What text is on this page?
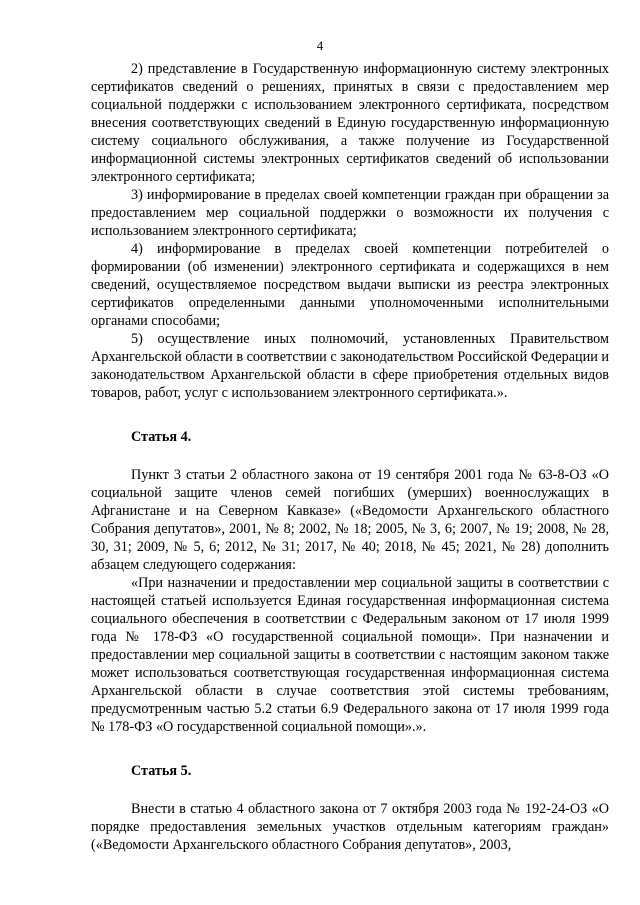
4

2) представление в Государственную информационную систему электронных сертификатов сведений о решениях, принятых в связи с предоставлением мер социальной поддержки с использованием электронного сертификата, посредством внесения соответствующих сведений в Единую государственную информационную систему социального обслуживания, а также получение из Государственной информационной системы электронных сертификатов сведений об использовании электронного сертификата;

3) информирование в пределах своей компетенции граждан при обращении за предоставлением мер социальной поддержки о возможности их получения с использованием электронного сертификата;

4) информирование в пределах своей компетенции потребителей о формировании (об изменении) электронного сертификата и содержащихся в нем сведений, осуществляемое посредством выдачи выписки из реестра электронных сертификатов определенными данными уполномоченными исполнительными органами способами;

5) осуществление иных полномочий, установленных Правительством Архангельской области в соответствии с законодательством Российской Федерации и законодательством Архангельской области в сфере приобретения отдельных видов товаров, работ, услуг с использованием электронного сертификата.».

Статья 4.

Пункт 3 статьи 2 областного закона от 19 сентября 2001 года № 63-8-ОЗ «О социальной защите членов семей погибших (умерших) военнослужащих в Афганистане и на Северном Кавказе» («Ведомости Архангельского областного Собрания депутатов», 2001, № 8; 2002, № 18; 2005, № 3, 6; 2007, № 19; 2008, № 28, 30, 31; 2009, № 5, 6; 2012, № 31; 2017, № 40; 2018, № 45; 2021, № 28) дополнить абзацем следующего содержания:

«При назначении и предоставлении мер социальной защиты в соответствии с настоящей статьей используется Единая государственная информационная система социального обеспечения в соответствии с Федеральным законом от 17 июля 1999 года № 178-ФЗ «О государственной социальной помощи». При назначении и предоставлении мер социальной защиты в соответствии с настоящим законом также может использоваться соответствующая государственная информационная система Архангельской области в случае соответствия этой системы требованиям, предусмотренным частью 5.2 статьи 6.9 Федерального закона от 17 июля 1999 года № 178-ФЗ «О государственной социальной помощи».».

Статья 5.

Внести в статью 4 областного закона от 7 октября 2003 года № 192-24-ОЗ «О порядке предоставления земельных участков отдельным категориям граждан» («Ведомости Архангельского областного Собрания депутатов», 2003,
